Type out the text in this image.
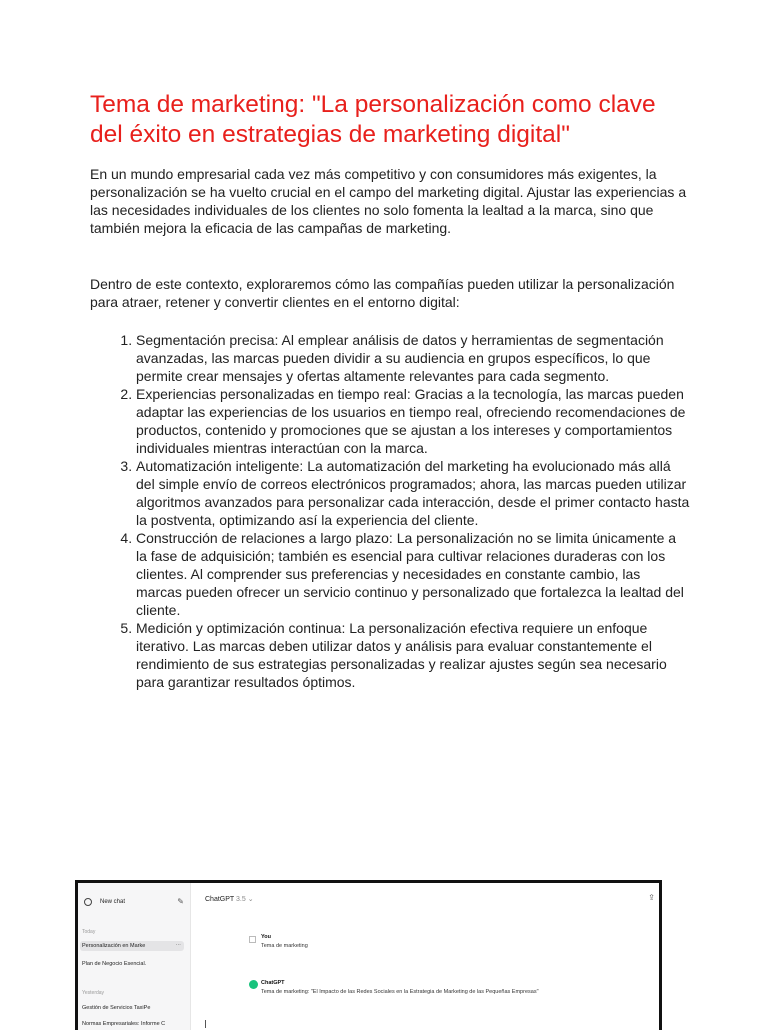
Tema de marketing: "La personalización como clave del éxito en estrategias de marketing digital"

En un mundo empresarial cada vez más competitivo y con consumidores más exigentes, la personalización se ha vuelto crucial en el campo del marketing digital. Ajustar las experiencias a las necesidades individuales de los clientes no solo fomenta la lealtad a la marca, sino que también mejora la eficacia de las campañas de marketing.

Dentro de este contexto, exploraremos cómo las compañías pueden utilizar la personalización para atraer, retener y convertir clientes en el entorno digital:

1. Segmentación precisa: Al emplear análisis de datos y herramientas de segmentación avanzadas, las marcas pueden dividir a su audiencia en grupos específicos, lo que permite crear mensajes y ofertas altamente relevantes para cada segmento.
2. Experiencias personalizadas en tiempo real: Gracias a la tecnología, las marcas pueden adaptar las experiencias de los usuarios en tiempo real, ofreciendo recomendaciones de productos, contenido y promociones que se ajustan a los intereses y comportamientos individuales mientras interactúan con la marca.
3. Automatización inteligente: La automatización del marketing ha evolucionado más allá del simple envío de correos electrónicos programados; ahora, las marcas pueden utilizar algoritmos avanzados para personalizar cada interacción, desde el primer contacto hasta la postventa, optimizando así la experiencia del cliente.
4. Construcción de relaciones a largo plazo: La personalización no se limita únicamente a la fase de adquisición; también es esencial para cultivar relaciones duraderas con los clientes. Al comprender sus preferencias y necesidades en constante cambio, las marcas pueden ofrecer un servicio continuo y personalizado que fortalezca la lealtad del cliente.
5. Medición y optimización continua: La personalización efectiva requiere un enfoque iterativo. Las marcas deben utilizar datos y análisis para evaluar constantemente el rendimiento de sus estrategias personalizadas y realizar ajustes según sea necesario para garantizar resultados óptimos.
New chat	✎
Today
Personalización en Marke	···
Plan de Negocio Esencial.
Yesterday
Gestión de Servicios TaxiPe
Normas Empresariales: Informe C
ChatGPT 3.5 ⌄	⇪
You
Tema de marketing
ChatGPT
Tema de marketing: "El Impacto de las Redes Sociales en la Estrategia de Marketing de las Pequeñas Empresas"
